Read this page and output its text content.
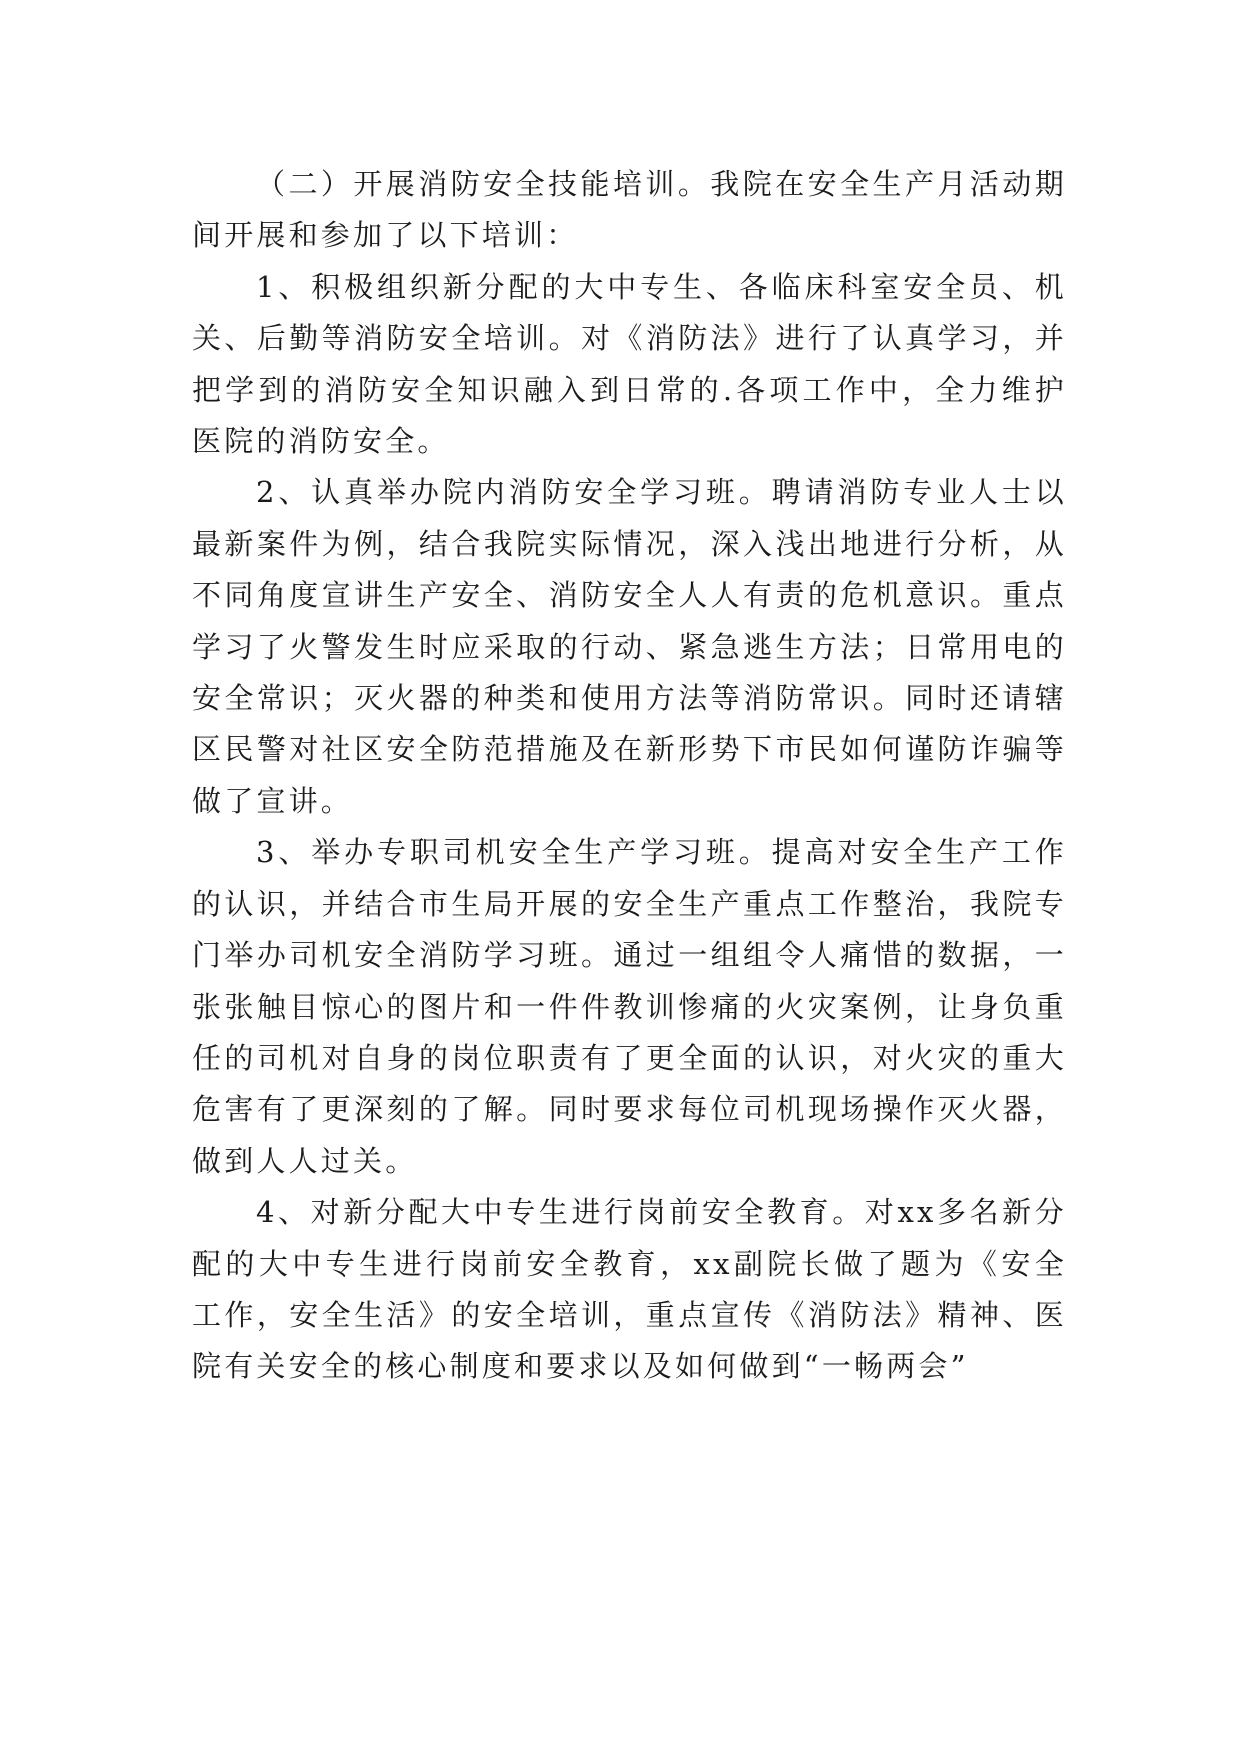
（二）开展消防安全技能培训。我院在安全生产月活动期间开展和参加了以下培训：

1、积极组织新分配的大中专生、各临床科室安全员、机关、后勤等消防安全培训。对《消防法》进行了认真学习，并把学到的消防安全知识融入到日常的.各项工作中，全力维护医院的消防安全。

2、认真举办院内消防安全学习班。聘请消防专业人士以最新案件为例，结合我院实际情况，深入浅出地进行分析，从不同角度宣讲生产安全、消防安全人人有责的危机意识。重点学习了火警发生时应采取的行动、紧急逃生方法；日常用电的安全常识；灭火器的种类和使用方法等消防常识。同时还请辖区民警对社区安全防范措施及在新形势下市民如何谨防诈骗等做了宣讲。

3、举办专职司机安全生产学习班。提高对安全生产工作的认识，并结合市生局开展的安全生产重点工作整治，我院专门举办司机安全消防学习班。通过一组组令人痛惜的数据，一张张触目惊心的图片和一件件教训惨痛的火灾案例，让身负重任的司机对自身的岗位职责有了更全面的认识，对火灾的重大危害有了更深刻的了解。同时要求每位司机现场操作灭火器，做到人人过关。

4、对新分配大中专生进行岗前安全教育。对xx多名新分配的大中专生进行岗前安全教育，xx副院长做了题为《安全工作，安全生活》的安全培训，重点宣传《消防法》精神、医院有关安全的核心制度和要求以及如何做到“一畅两会”
